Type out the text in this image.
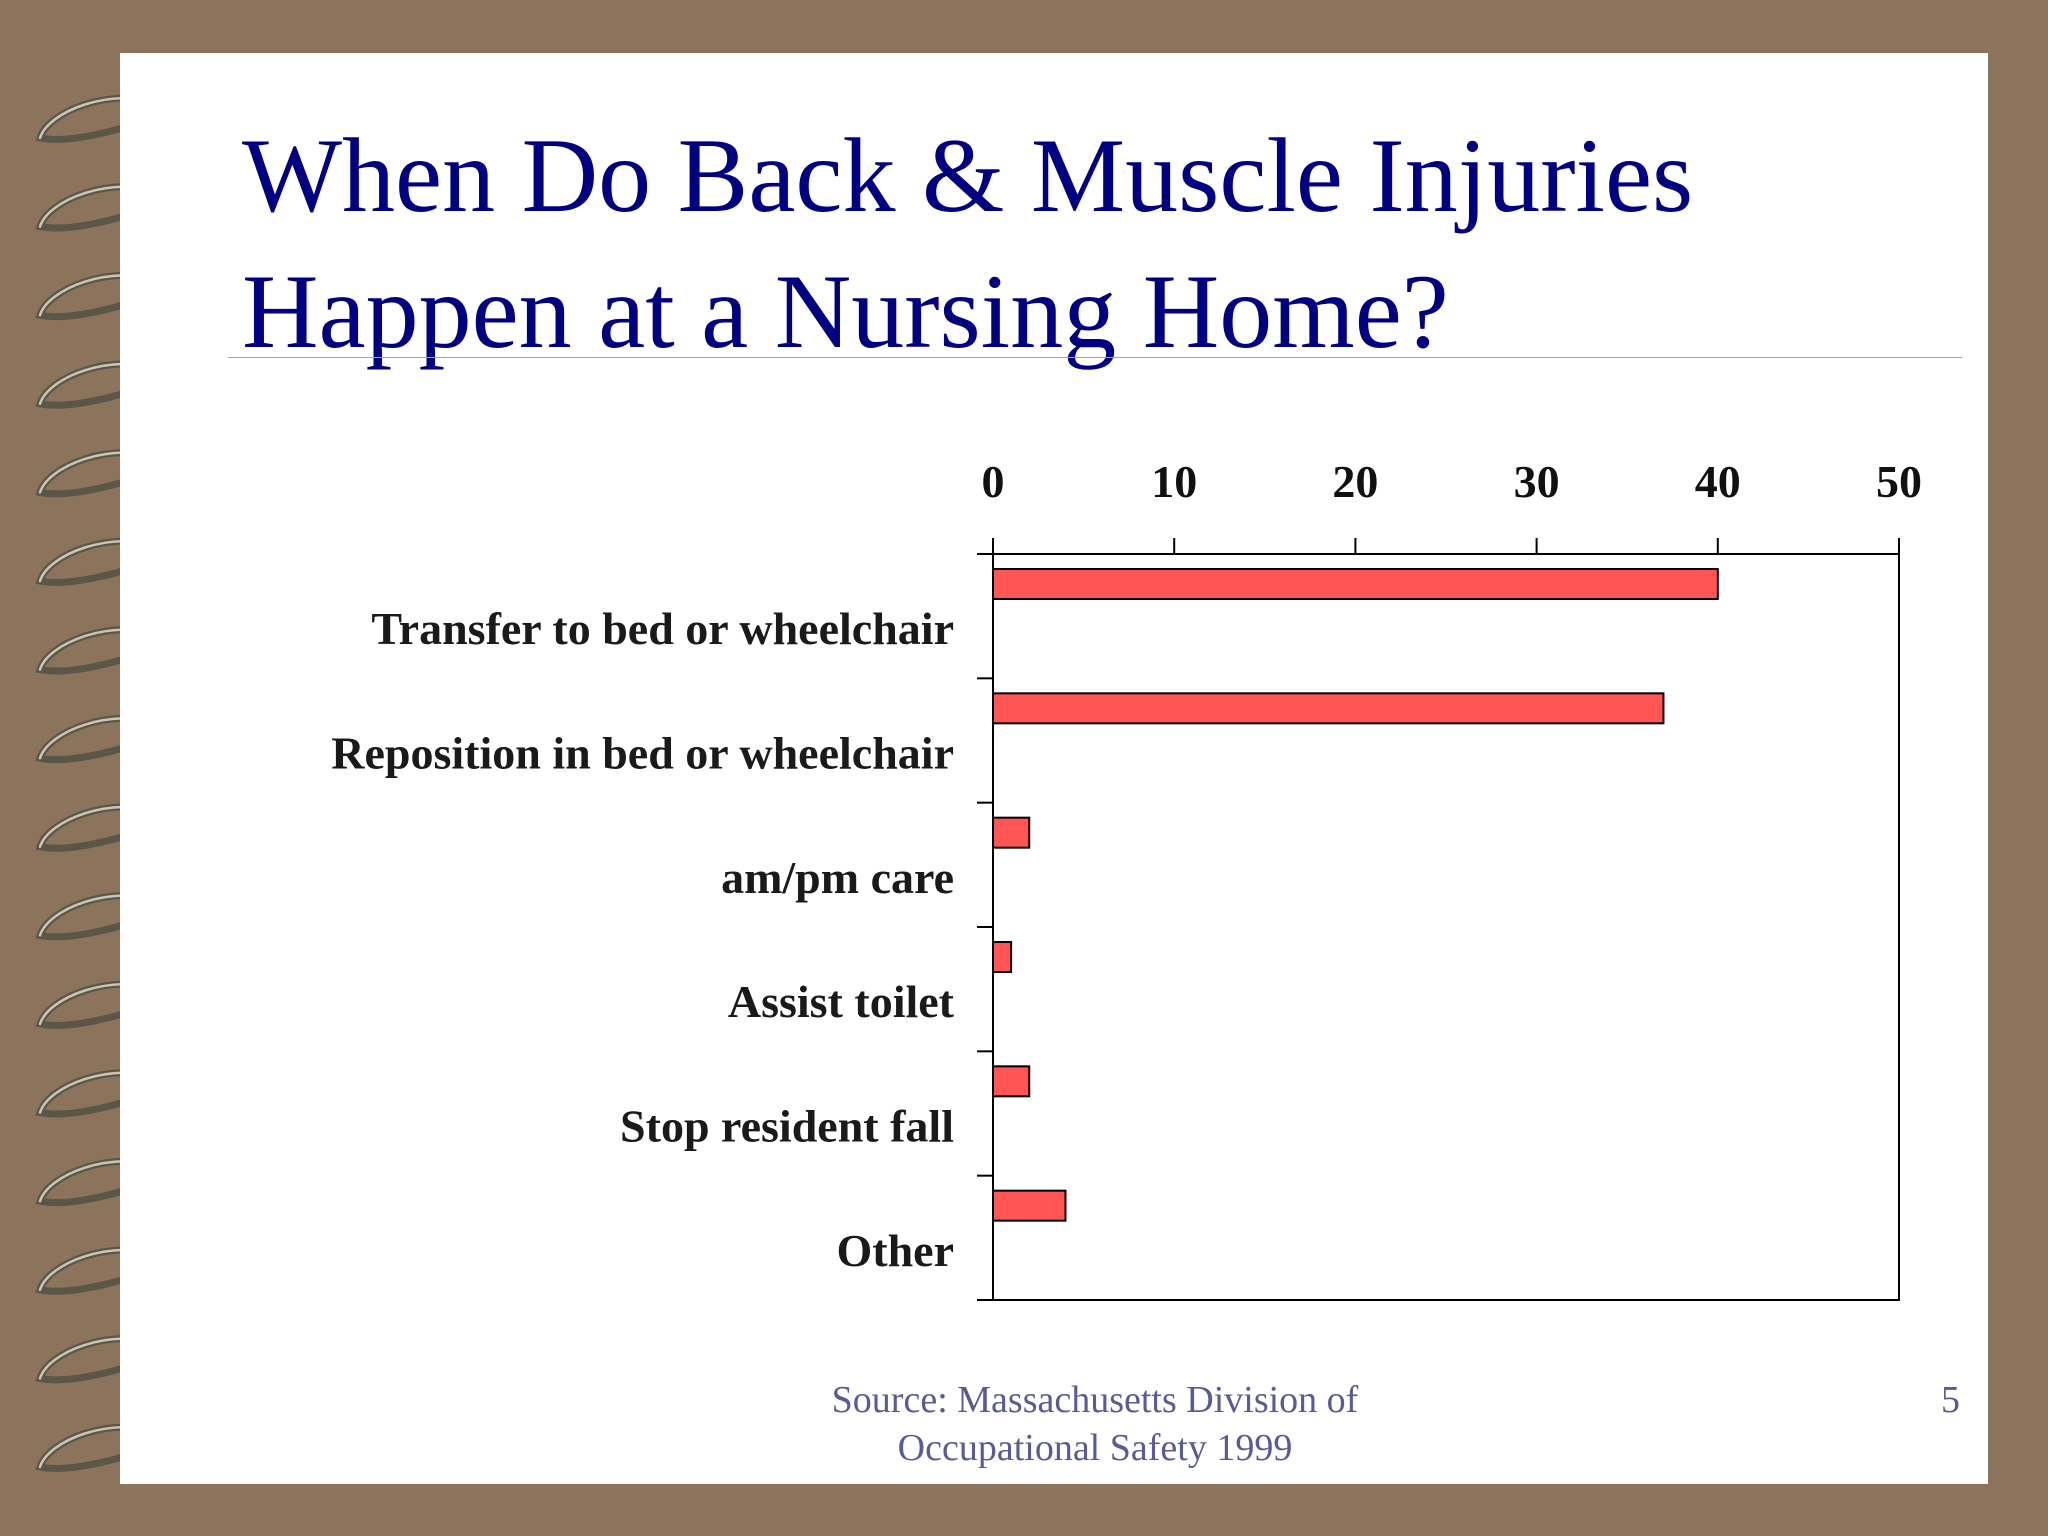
When Do Back & Muscle Injuries
Happen at a Nursing Home?
0	10	20	30	40	50
Transfer to bed or wheelchair
Reposition in bed or wheelchair
am/pm care
Assist toilet
Stop resident fall
Other
Source: Massachusetts Division of
Occupational Safety 1999
5
